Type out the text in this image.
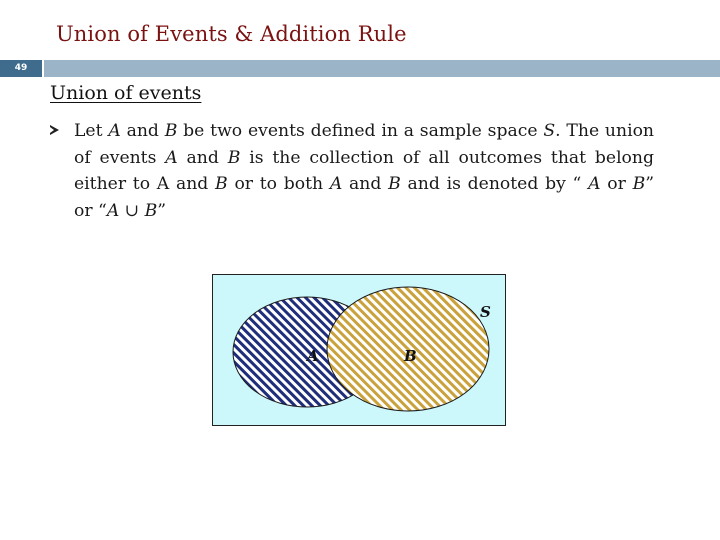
Union of Events & Addition Rule
49
Union of events
Let A and B be two events defined in a sample space S. The union of events A and B is the collection of all outcomes that belong either to A and B or to both A and B and is denoted by “ A or B” or “A ∪ B”
A	B
S
